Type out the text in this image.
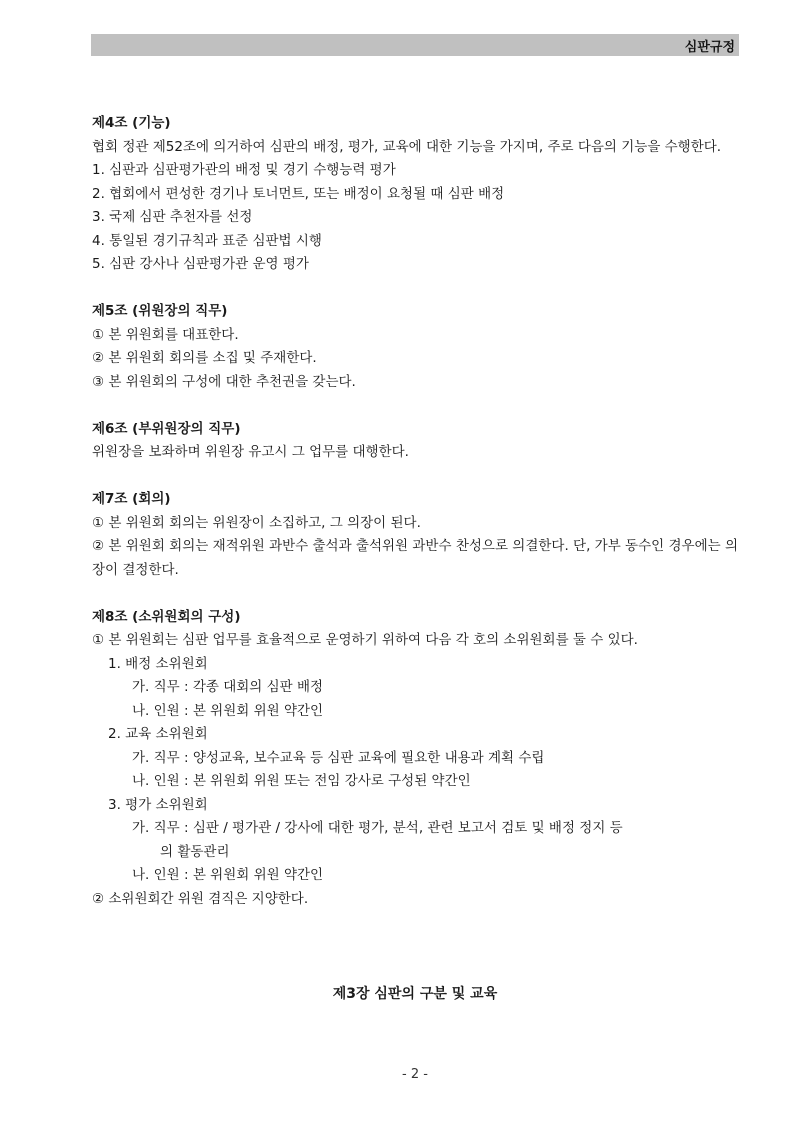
심판규정
제4조 (기능)
협회 정관 제52조에 의거하여 심판의 배정, 평가, 교육에 대한 기능을 가지며, 주로 다음의 기능을 수행한다.
1. 심판과 심판평가관의 배정 및 경기 수행능력 평가
2. 협회에서 편성한 경기나 토너먼트, 또는 배정이 요청될 때 심판 배정
3. 국제 심판 추천자를 선정
4. 통일된 경기규칙과 표준 심판법 시행
5. 심판 강사나 심판평가관 운영 평가
제5조 (위원장의 직무)
① 본 위원회를 대표한다.
② 본 위원회 회의를 소집 및 주재한다.
③ 본 위원회의 구성에 대한 추천권을 갖는다.
제6조 (부위원장의 직무)
위원장을 보좌하며 위원장 유고시 그 업무를 대행한다.
제7조 (회의)
① 본 위원회 회의는 위원장이 소집하고, 그 의장이 된다.
② 본 위원회 회의는 재적위원 과반수 출석과 출석위원 과반수 찬성으로 의결한다. 단, 가부 동수인 경우에는 의장이 결정한다.
제8조 (소위원회의 구성)
① 본 위원회는 심판 업무를 효율적으로 운영하기 위하여 다음 각 호의 소위원회를 둘 수 있다.
1. 배정 소위원회
가. 직무 : 각종 대회의 심판 배정
나. 인원 : 본 위원회 위원 약간인
2. 교육 소위원회
가. 직무 : 양성교육, 보수교육 등 심판 교육에 필요한 내용과 계획 수립
나. 인원 : 본 위원회 위원 또는 전임 강사로 구성된 약간인
3. 평가 소위원회
가. 직무 : 심판 / 평가관 / 강사에 대한 평가, 분석, 관련 보고서 검토 및 배정 정지 등
의 활동관리
나. 인원 : 본 위원회 위원 약간인
② 소위원회간 위원 겸직은 지양한다.
제3장 심판의 구분 및 교육
- 2 -
